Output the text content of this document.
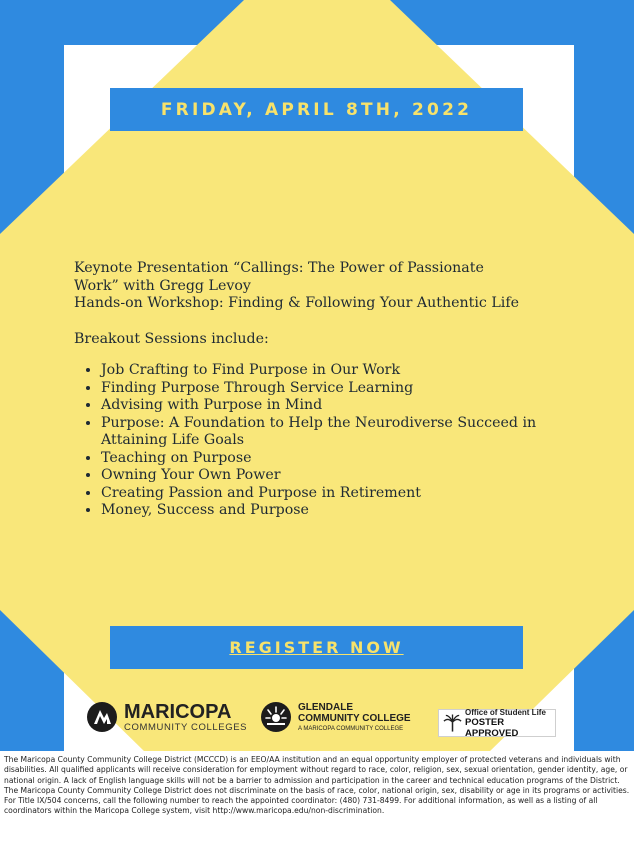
FRIDAY, APRIL 8TH, 2022

Keynote Presentation “Callings: The Power of Passionate

Work” with Gregg Levoy

Hands-on Workshop: Finding & Following Your Authentic Life

Breakout Sessions include:

• Job Crafting to Find Purpose in Our Work
• Finding Purpose Through Service Learning
• Advising with Purpose in Mind
• Purpose: A Foundation to Help the Neurodiverse Succeed in Attaining Life Goals
• Teaching on Purpose
• Owning Your Own Power
• Creating Passion and Purpose in Retirement
• Money, Success and Purpose
REGISTER NOW
MARICOPA
COMMUNITY COLLEGES
GLENDALE
COMMUNITY COLLEGE
A MARICOPA COMMUNITY COLLEGE
Office of Student Life
POSTER APPROVED

The Maricopa County Community College District (MCCCD) is an EEO/AA institution and an equal opportunity employer of protected veterans and individuals with disabilities. All qualified applicants will receive consideration for employment without regard to race, color, religion, sex, sexual orientation, gender identity, age, or national origin. A lack of English language skills will not be a barrier to admission and participation in the career and technical education programs of the District.

The Maricopa County Community College District does not discriminate on the basis of race, color, national origin, sex, disability or age in its programs or activities. For Title IX/504 concerns, call the following number to reach the appointed coordinator: (480) 731-8499. For additional information, as well as a listing of all coordinators within the Maricopa College system, visit http://www.maricopa.edu/non-discrimination.
